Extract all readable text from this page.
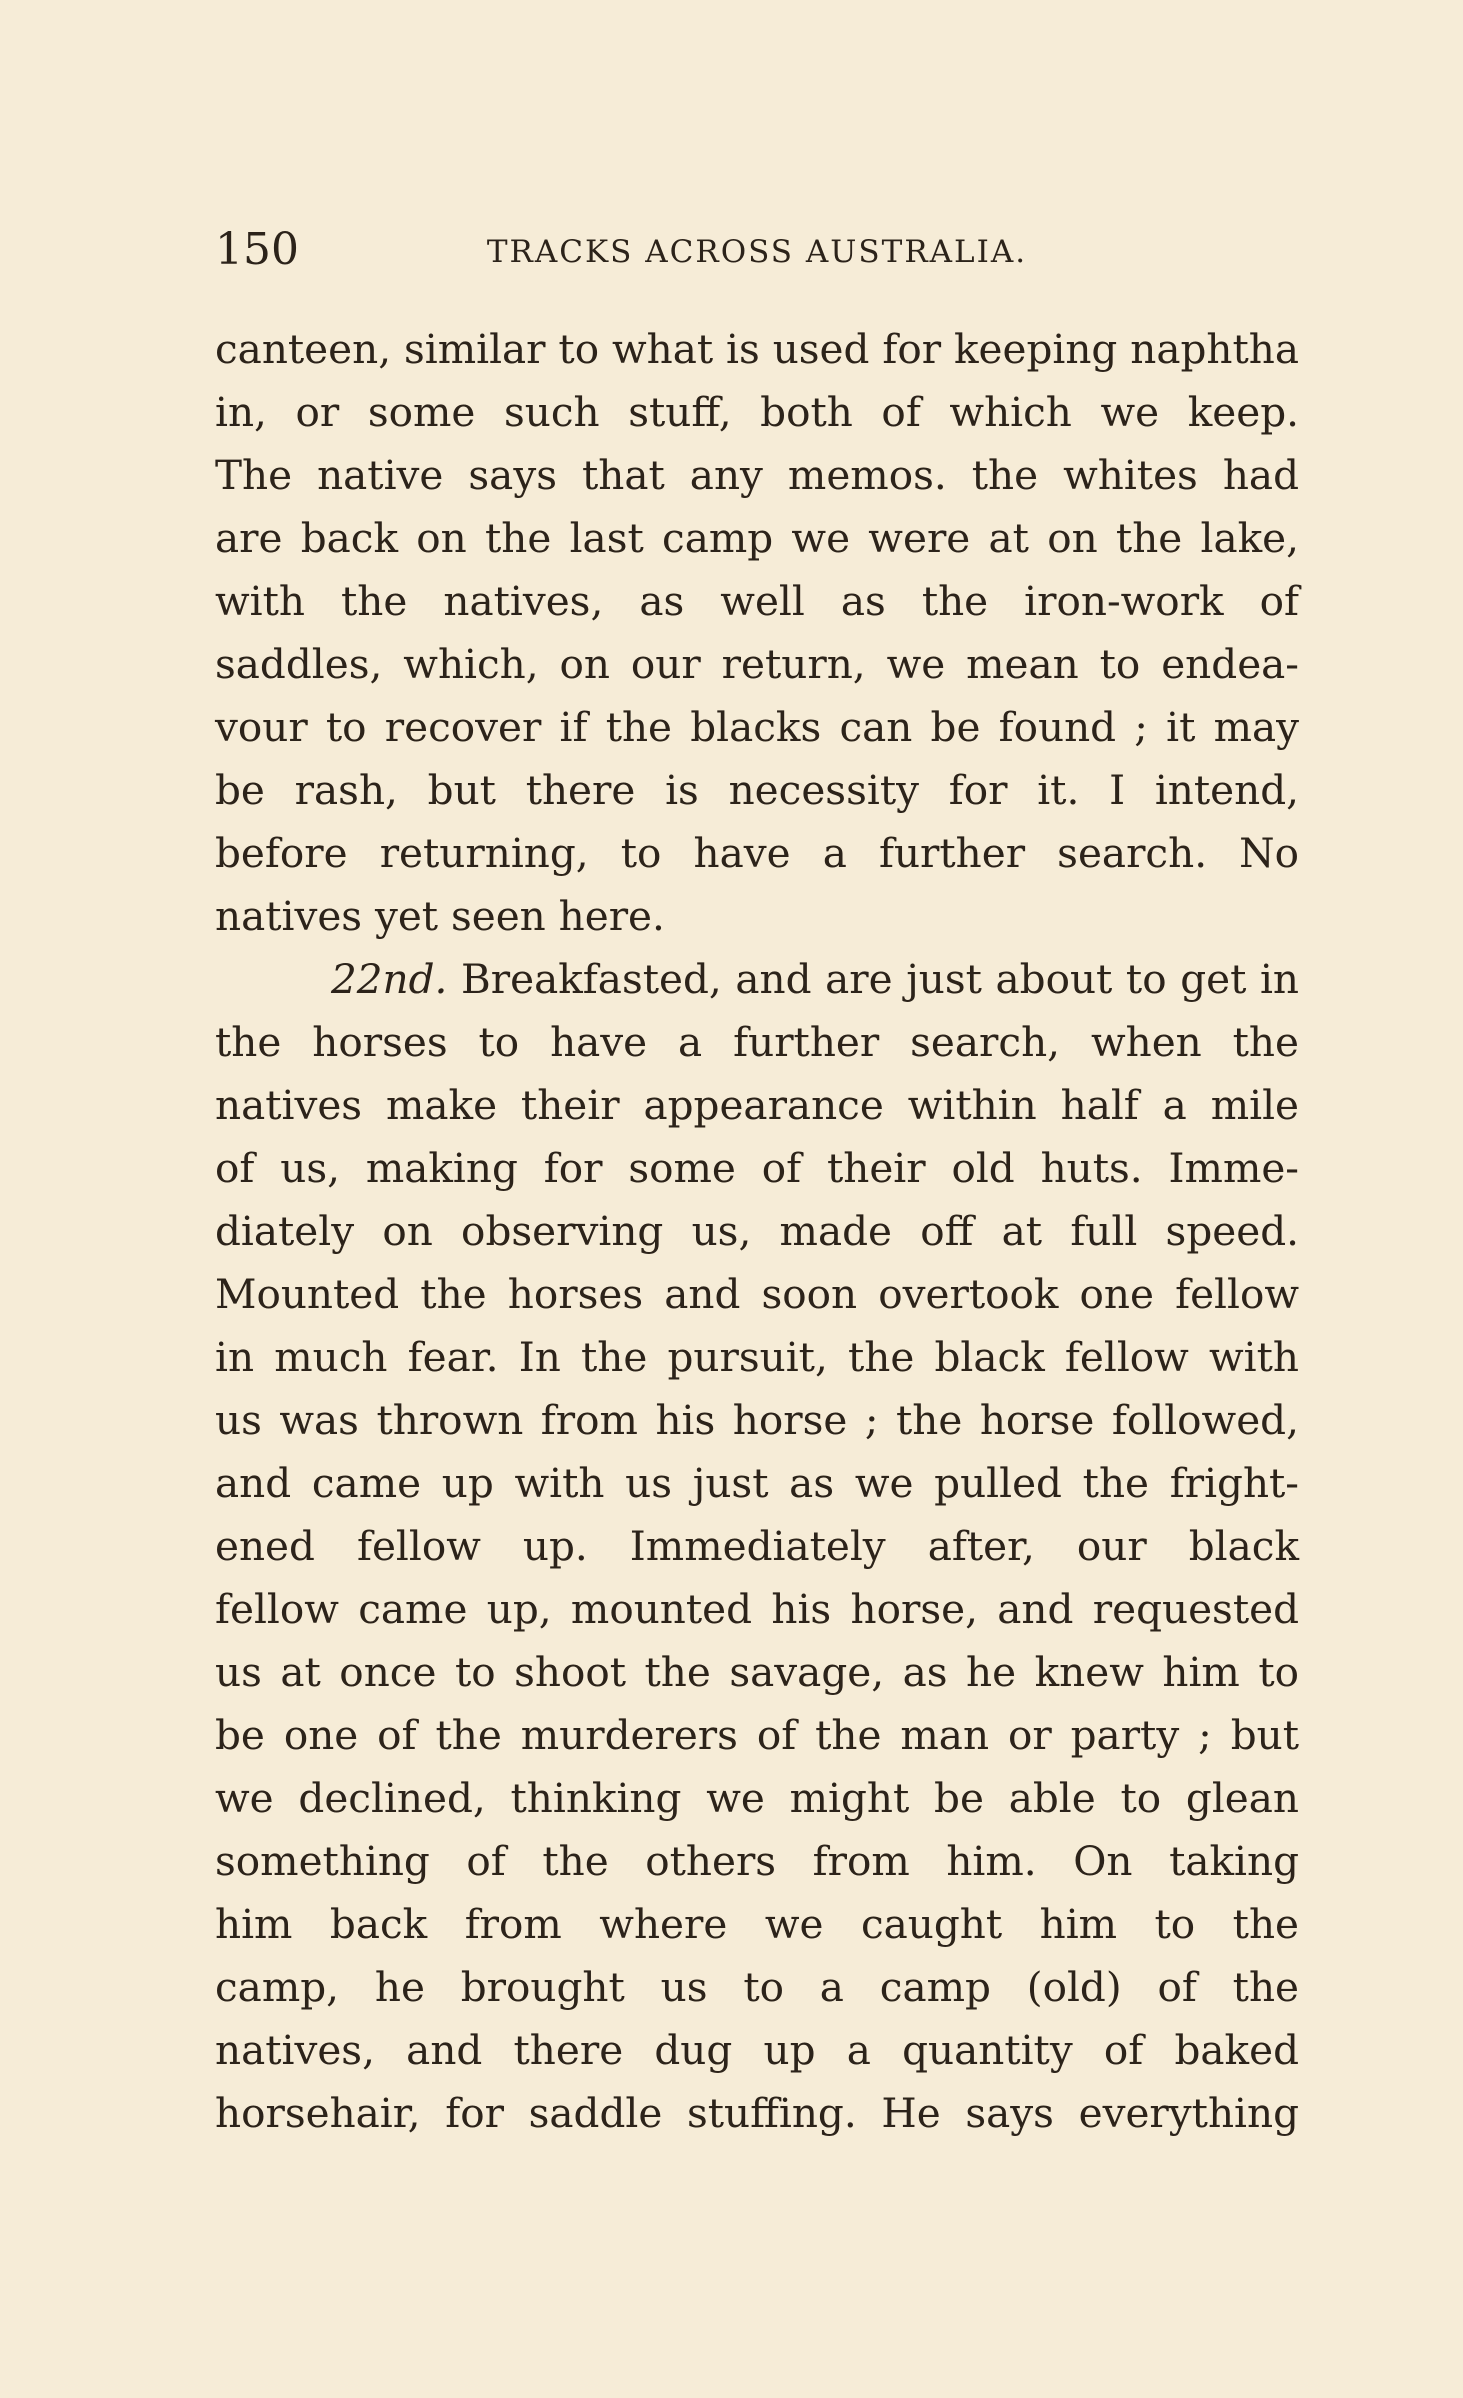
150	TRACKS ACROSS AUSTRALIA.
canteen, similar to what is used for keeping naphtha
in, or some such stuff, both of which we keep.
The native says that any memos. the whites had
are back on the last camp we were at on the lake,
with the natives, as well as the iron-work of
saddles, which, on our return, we mean to endea-
vour to recover if the blacks can be found ; it may
be rash, but there is necessity for it. I intend,
before returning, to have a further search. No
natives yet seen here.
22nd. Breakfasted, and are just about to get in
the horses to have a further search, when the
natives make their appearance within half a mile
of us, making for some of their old huts. Imme-
diately on observing us, made off at full speed.
Mounted the horses and soon overtook one fellow
in much fear. In the pursuit, the black fellow with
us was thrown from his horse ; the horse followed,
and came up with us just as we pulled the fright-
ened fellow up. Immediately after, our black
fellow came up, mounted his horse, and requested
us at once to shoot the savage, as he knew him to
be one of the murderers of the man or party ; but
we declined, thinking we might be able to glean
something of the others from him. On taking
him back from where we caught him to the
camp, he brought us to a camp (old) of the
natives, and there dug up a quantity of baked
horsehair, for saddle stuffing. He says everything
